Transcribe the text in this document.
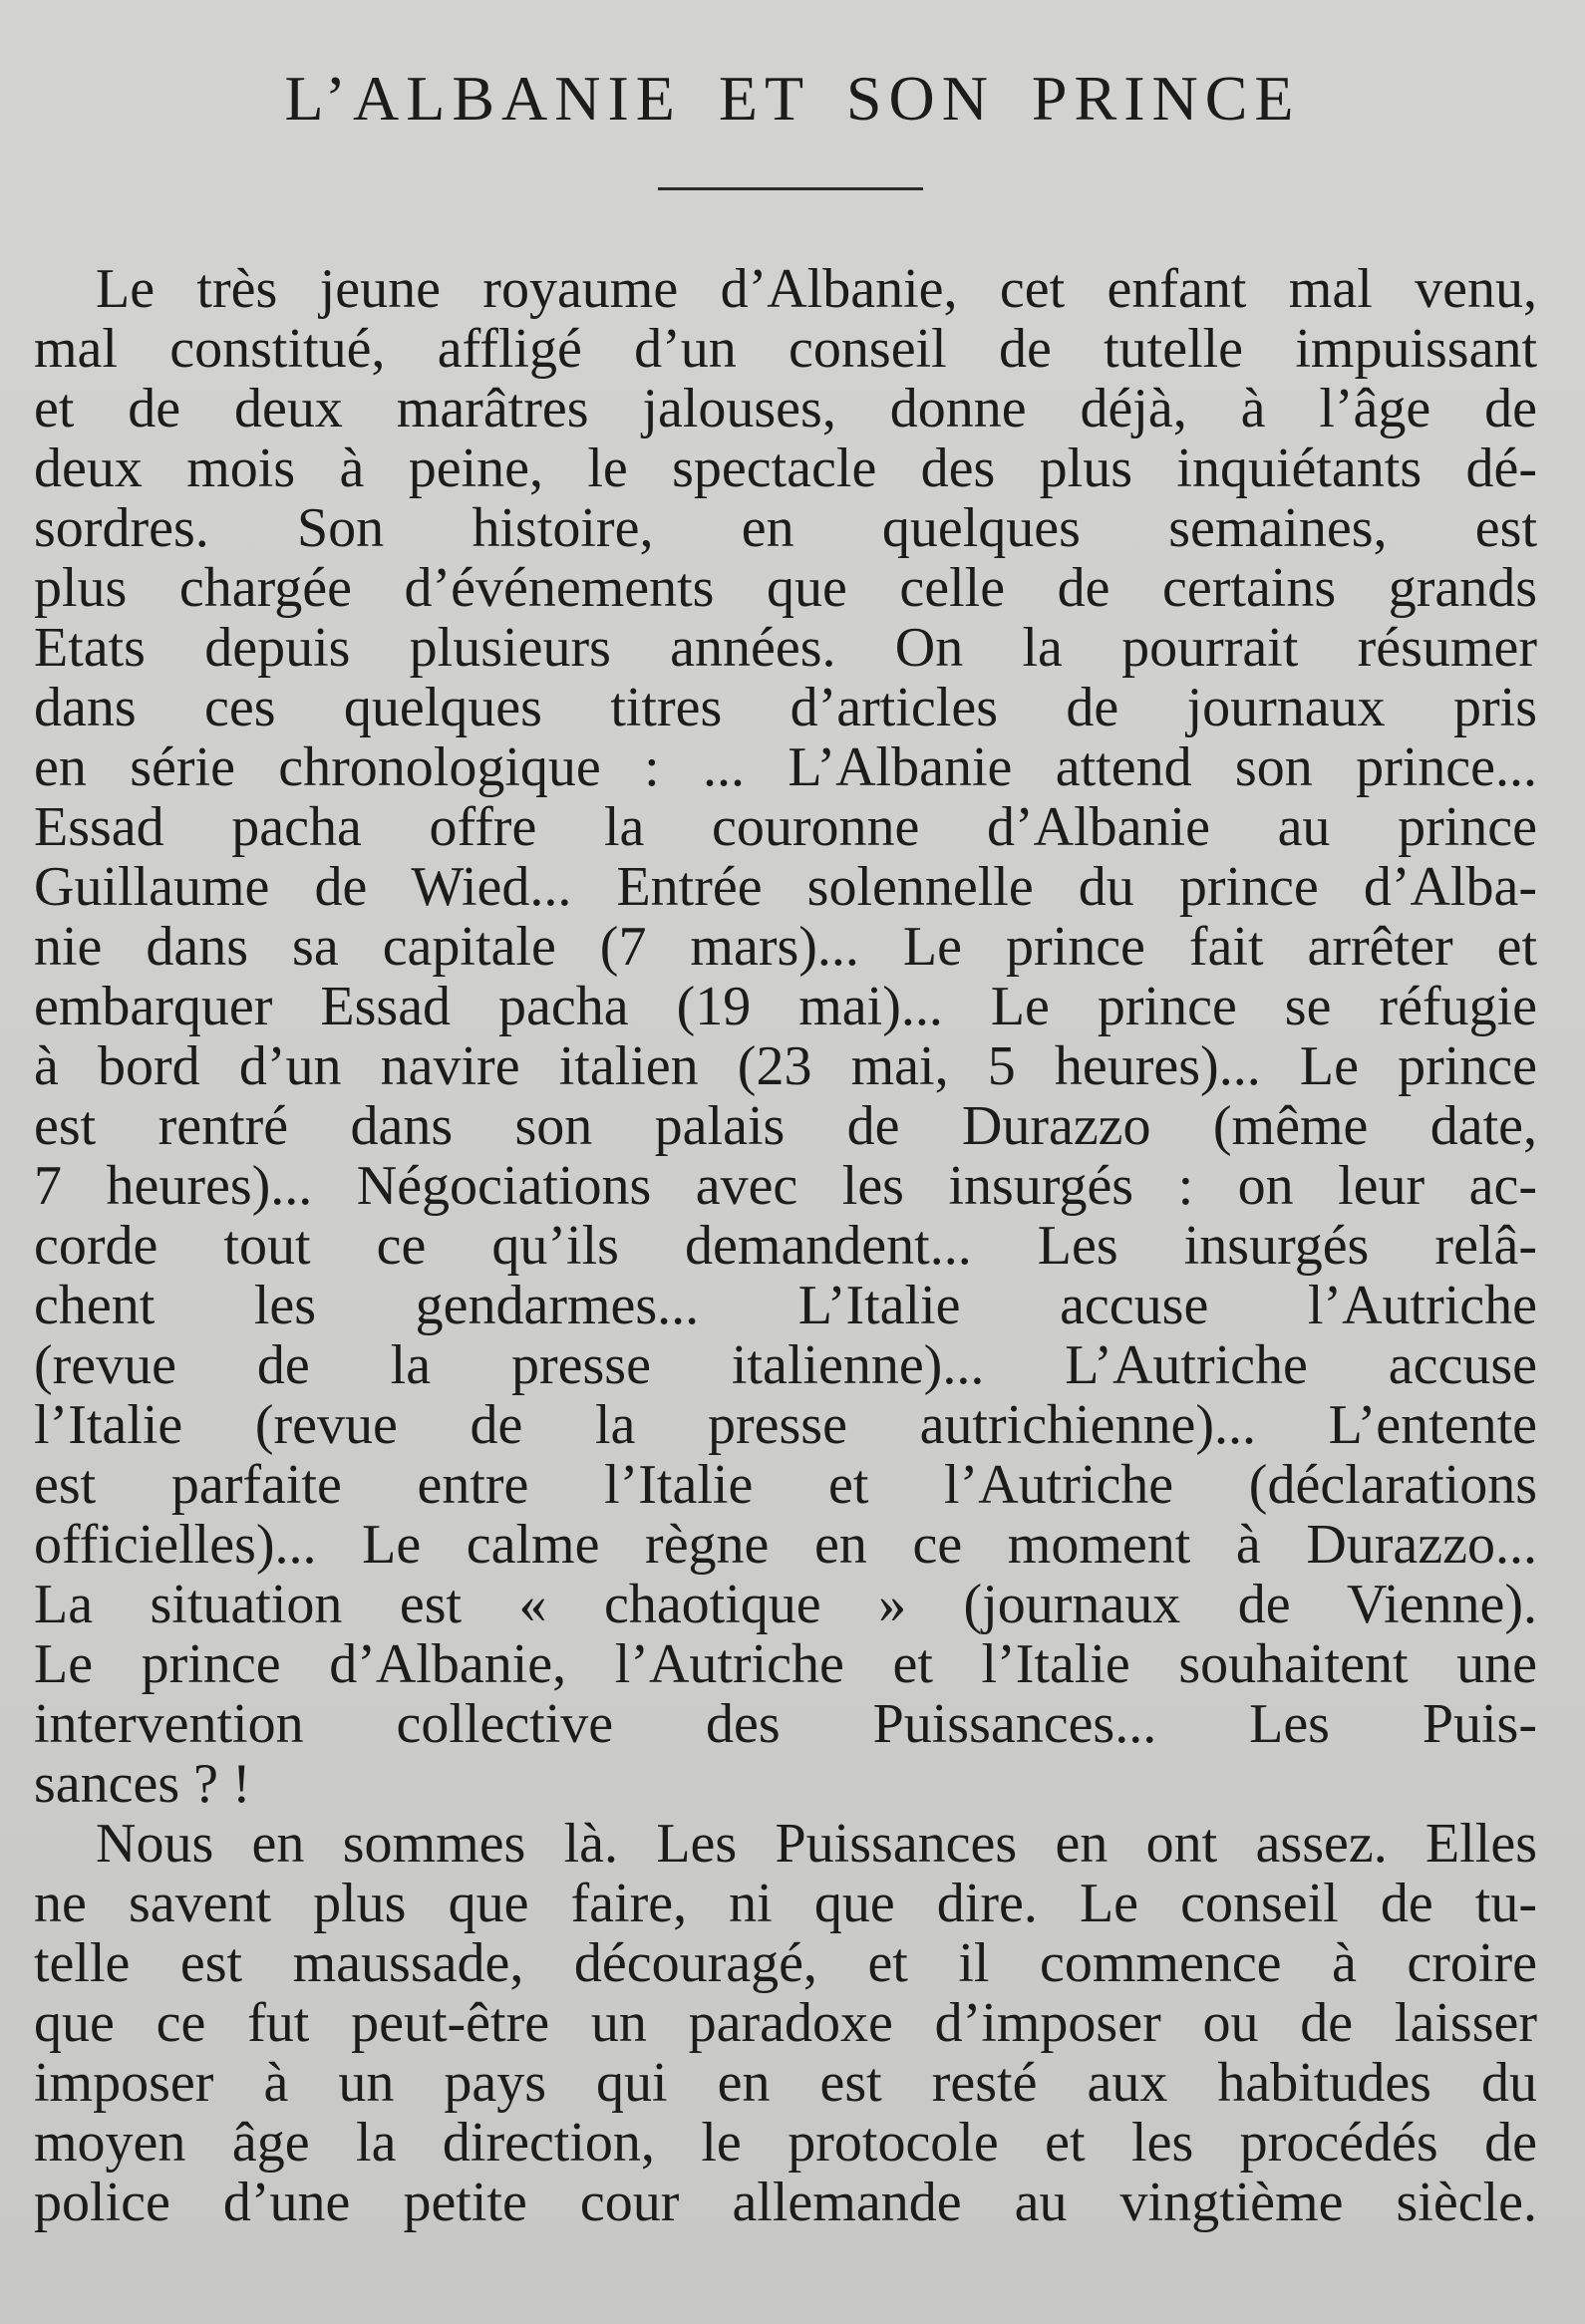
L’ALBANIE ET SON PRINCE
Le très jeune royaume d’Albanie, cet enfant mal venu,
mal constitué, affligé d’un conseil de tutelle impuissant
et de deux marâtres jalouses, donne déjà, à l’âge de
deux mois à peine, le spectacle des plus inquiétants dé-
sordres. Son histoire, en quelques semaines, est
plus chargée d’événements que celle de certains grands
Etats depuis plusieurs années. On la pourrait résumer
dans ces quelques titres d’articles de journaux pris
en série chronologique : ... L’Albanie attend son prince...
Essad pacha offre la couronne d’Albanie au prince
Guillaume de Wied... Entrée solennelle du prince d’Alba-
nie dans sa capitale (7 mars)... Le prince fait arrêter et
embarquer Essad pacha (19 mai)... Le prince se réfugie
à bord d’un navire italien (23 mai, 5 heures)... Le prince
est rentré dans son palais de Durazzo (même date,
7 heures)... Négociations avec les insurgés : on leur ac-
corde tout ce qu’ils demandent... Les insurgés relâ-
chent les gendarmes... L’Italie accuse l’Autriche
(revue de la presse italienne)... L’Autriche accuse
l’Italie (revue de la presse autrichienne)... L’entente
est parfaite entre l’Italie et l’Autriche (déclarations
officielles)... Le calme règne en ce moment à Durazzo...
La situation est « chaotique » (journaux de Vienne).
Le prince d’Albanie, l’Autriche et l’Italie souhaitent une
intervention collective des Puissances... Les Puis-
sances ? !
Nous en sommes là. Les Puissances en ont assez. Elles
ne savent plus que faire, ni que dire. Le conseil de tu-
telle est maussade, découragé, et il commence à croire
que ce fut peut-être un paradoxe d’imposer ou de laisser
imposer à un pays qui en est resté aux habitudes du
moyen âge la direction, le protocole et les procédés de
police d’une petite cour allemande au vingtième siècle.
